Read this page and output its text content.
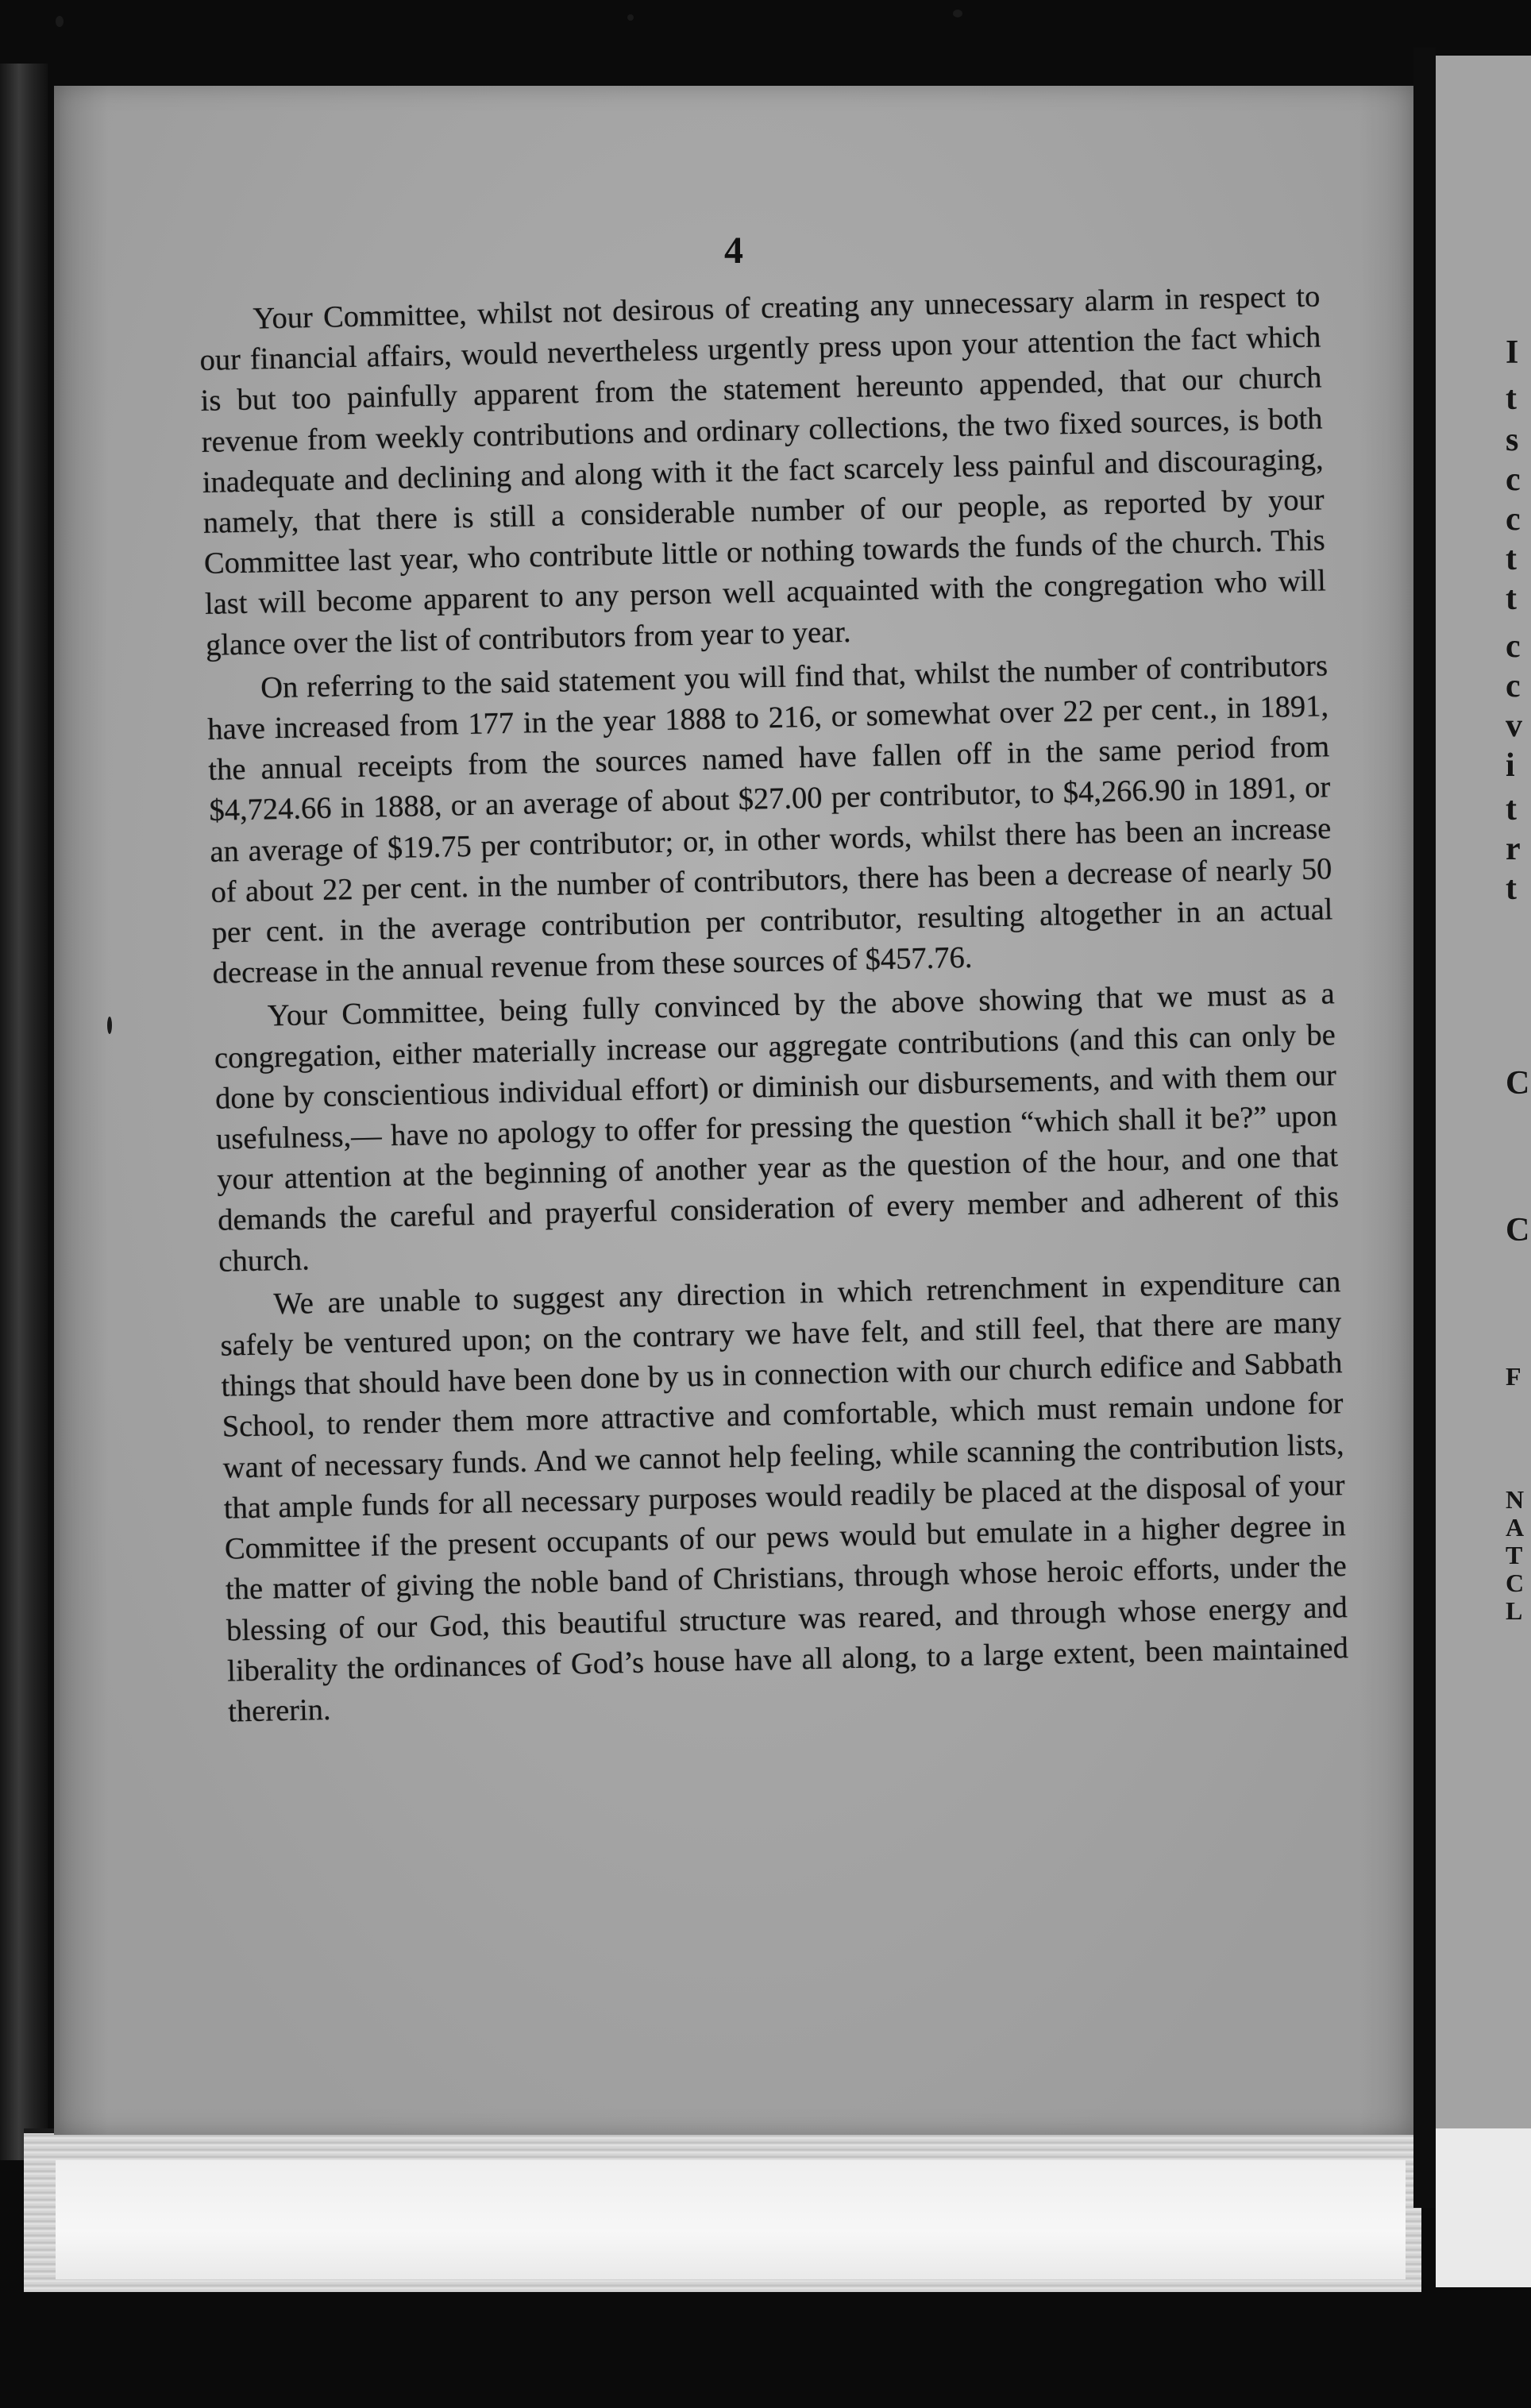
4

Your Committee, whilst not desirous of creating any unnecessary alarm in respect to our financial affairs, would nevertheless urgently press upon your attention the fact which is but too painfully apparent from the statement hereunto appended, that our church revenue from weekly contributions and ordinary collections, the two fixed sources, is both inadequate and declining and along with it the fact scarcely less painful and discouraging, namely, that there is still a considerable number of our people, as reported by your Committee last year, who contribute little or nothing towards the funds of the church. This last will become apparent to any person well acquainted with the congregation who will glance over the list of contributors from year to year.

On referring to the said statement you will find that, whilst the number of contributors have increased from 177 in the year 1888 to 216, or somewhat over 22 per cent., in 1891, the annual receipts from the sources named have fallen off in the same period from $4,724.66 in 1888, or an average of about $27.00 per contributor, to $4,266.90 in 1891, or an average of $19.75 per contributor; or, in other words, whilst there has been an increase of about 22 per cent. in the number of contributors, there has been a decrease of nearly 50 per cent. in the average contribution per contributor, resulting altogether in an actual decrease in the annual revenue from these sources of $457.76.

Your Committee, being fully convinced by the above showing that we must as a congregation, either materially increase our aggregate contributions (and this can only be done by conscientious individual effort) or diminish our disbursements, and with them our usefulness,— have no apology to offer for pressing the question “which shall it be?” upon your attention at the beginning of another year as the question of the hour, and one that demands the careful and prayerful consideration of every member and adherent of this church.

We are unable to suggest any direction in which retrenchment in expenditure can safely be ventured upon; on the contrary we have felt, and still feel, that there are many things that should have been done by us in connection with our church edifice and Sabbath School, to render them more attractive and comfortable, which must remain undone for want of necessary funds. And we cannot help feeling, while scanning the contribution lists, that ample funds for all necessary purposes would readily be placed at the disposal of your Committee if the present occupants of our pews would but emulate in a higher degree in the matter of giving the noble band of Christians, through whose heroic efforts, under the blessing of our God, this beautiful structure was reared, and through whose energy and liberality the ordinances of God’s house have all along, to a large extent, been maintained thererin.

I
t
s
c
c
t
t
c
c
v
i
t
r
t
C
C
F
N
A
T
C
L
